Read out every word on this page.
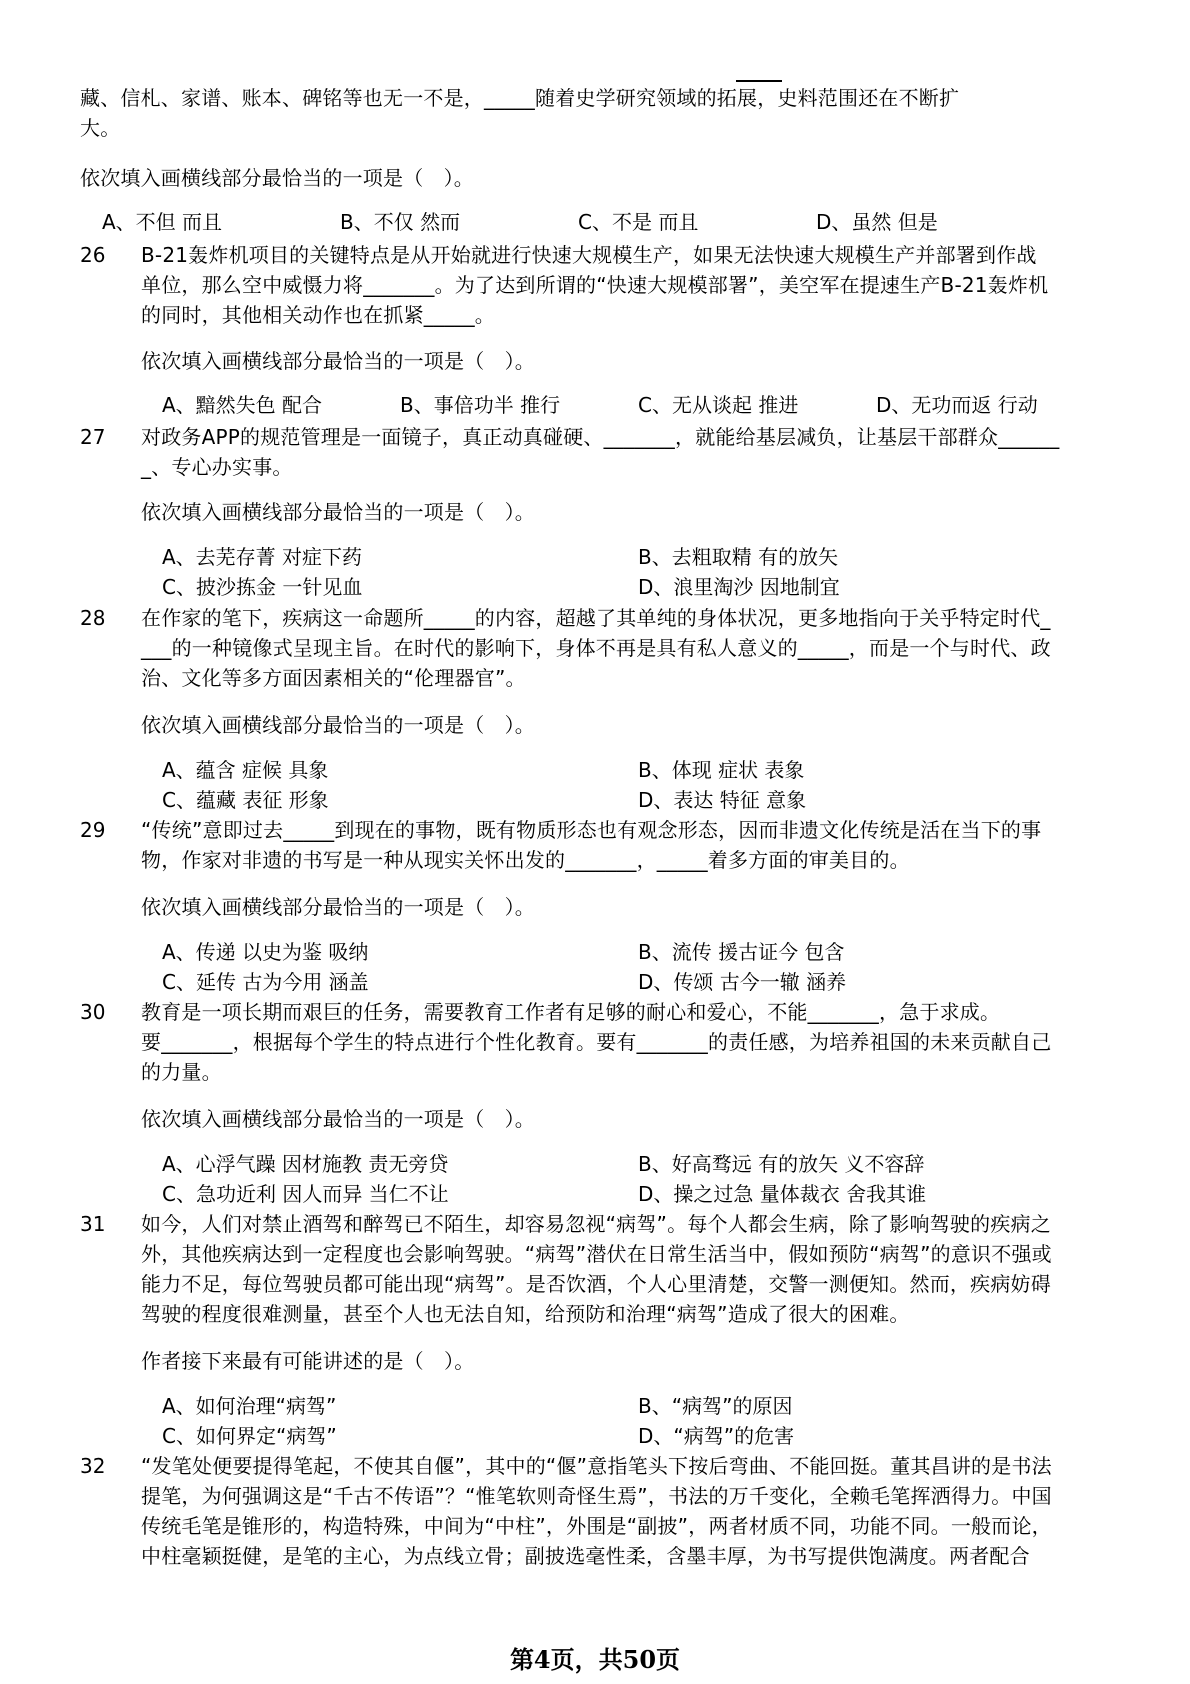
藏、信札、家谱、账本、碑铭等也无一不是，_____随着史学研究领域的拓展，史料范围还在不断扩
大。
依次填入画横线部分最恰当的一项是（　）。
A、不但 而且	B、不仅 然而	C、不是 而且	D、虽然 但是
26	B-21轰炸机项目的关键特点是从开始就进行快速大规模生产，如果无法快速大规模生产并部署到作战
单位，那么空中威慑力将_______。为了达到所谓的“快速大规模部署”，美空军在提速生产B-21轰炸机
的同时，其他相关动作也在抓紧_____。
依次填入画横线部分最恰当的一项是（　）。
A、黯然失色 配合	B、事倍功半 推行	C、无从谈起 推进	D、无功而返 行动
27	对政务APP的规范管理是一面镜子，真正动真碰硬、_______，就能给基层减负，让基层干部群众______
_、专心办实事。
依次填入画横线部分最恰当的一项是（　）。
A、去芜存菁 对症下药	B、去粗取精 有的放矢
C、披沙拣金 一针见血	D、浪里淘沙 因地制宜
28	在作家的笔下，疾病这一命题所_____的内容，超越了其单纯的身体状况，更多地指向于关乎特定时代_
___的一种镜像式呈现主旨。在时代的影响下，身体不再是具有私人意义的_____，而是一个与时代、政
治、文化等多方面因素相关的“伦理器官”。
依次填入画横线部分最恰当的一项是（　）。
A、蕴含 症候 具象	B、体现 症状 表象
C、蕴藏 表征 形象	D、表达 特征 意象
29	“传统”意即过去_____到现在的事物，既有物质形态也有观念形态，因而非遗文化传统是活在当下的事
物，作家对非遗的书写是一种从现实关怀出发的_______，_____着多方面的审美目的。
依次填入画横线部分最恰当的一项是（　）。
A、传递 以史为鉴 吸纳	B、流传 援古证今 包含
C、延传 古为今用 涵盖	D、传颂 古今一辙 涵养
30	教育是一项长期而艰巨的任务，需要教育工作者有足够的耐心和爱心，不能_______，急于求成。
要_______，根据每个学生的特点进行个性化教育。要有_______的责任感，为培养祖国的未来贡献自己
的力量。
依次填入画横线部分最恰当的一项是（　）。
A、心浮气躁 因材施教 责无旁贷	B、好高骛远 有的放矢 义不容辞
C、急功近利 因人而异 当仁不让	D、操之过急 量体裁衣 舍我其谁
31	如今，人们对禁止酒驾和醉驾已不陌生，却容易忽视“病驾”。每个人都会生病，除了影响驾驶的疾病之
外，其他疾病达到一定程度也会影响驾驶。“病驾”潜伏在日常生活当中，假如预防“病驾”的意识不强或
能力不足，每位驾驶员都可能出现“病驾”。是否饮酒，个人心里清楚，交警一测便知。然而，疾病妨碍
驾驶的程度很难测量，甚至个人也无法自知，给预防和治理“病驾”造成了很大的困难。
作者接下来最有可能讲述的是（　）。
A、如何治理“病驾”	B、“病驾”的原因
C、如何界定“病驾”	D、“病驾”的危害
32	“发笔处便要提得笔起，不使其自偃”，其中的“偃”意指笔头下按后弯曲、不能回挺。董其昌讲的是书法
提笔，为何强调这是“千古不传语”？“惟笔软则奇怪生焉”，书法的万千变化，全赖毛笔挥洒得力。中国
传统毛笔是锥形的，构造特殊，中间为“中柱”，外围是“副披”，两者材质不同，功能不同。一般而论，
中柱毫颖挺健，是笔的主心，为点线立骨；副披选毫性柔，含墨丰厚，为书写提供饱满度。两者配合
第4页，共50页
